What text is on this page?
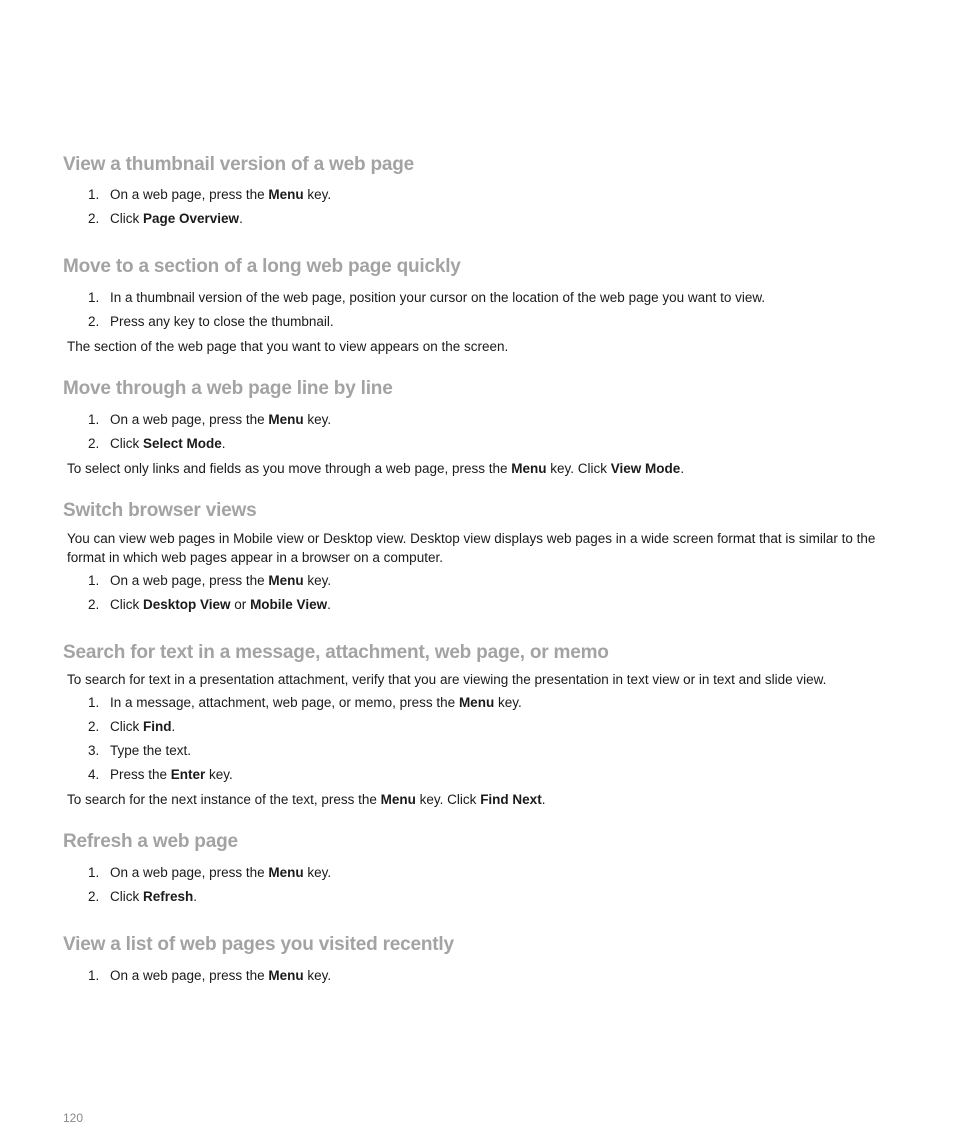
View a thumbnail version of a web page
1. On a web page, press the Menu key.
2. Click Page Overview.
Move to a section of a long web page quickly
1. In a thumbnail version of the web page, position your cursor on the location of the web page you want to view.
2. Press any key to close the thumbnail.
The section of the web page that you want to view appears on the screen.
Move through a web page line by line
1. On a web page, press the Menu key.
2. Click Select Mode.
To select only links and fields as you move through a web page, press the Menu key. Click View Mode.
Switch browser views
You can view web pages in Mobile view or Desktop view. Desktop view displays web pages in a wide screen format that is similar to the format in which web pages appear in a browser on a computer.
1. On a web page, press the Menu key.
2. Click Desktop View or Mobile View.
Search for text in a message, attachment, web page, or memo
To search for text in a presentation attachment, verify that you are viewing the presentation in text view or in text and slide view.
1. In a message, attachment, web page, or memo, press the Menu key.
2. Click Find.
3. Type the text.
4. Press the Enter key.
To search for the next instance of the text, press the Menu key. Click Find Next.
Refresh a web page
1. On a web page, press the Menu key.
2. Click Refresh.
View a list of web pages you visited recently
1. On a web page, press the Menu key.
120
